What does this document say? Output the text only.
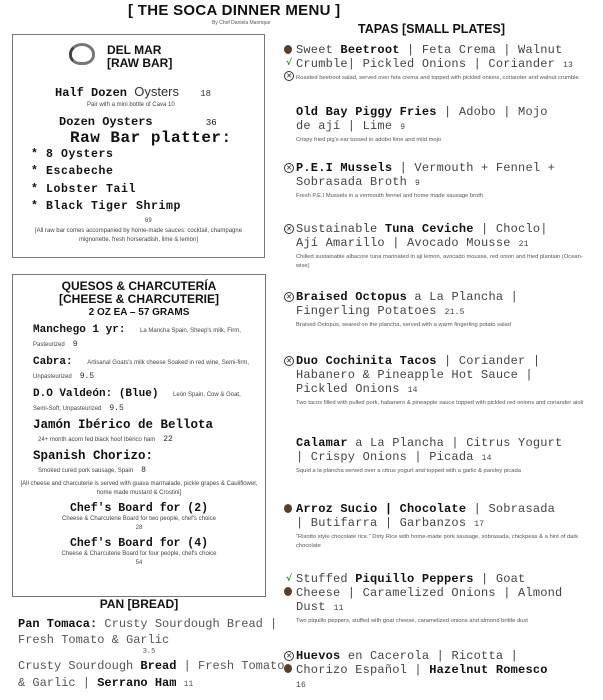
[ THE SOCA DINNER MENU ]
By Chef Daniela Manrique
DEL MAR
[RAW BAR]
Half Dozen Oysters 18
Pair with a mini bottle of Cava 10
Dozen Oysters	36
Raw Bar platter:
* 8 Oysters
* Escabeche
* Lobster Tail
* Black Tiger Shrimp
69
[All raw bar comes accompanied by home-made sauces: cocktail, champagne mignonette, fresh horseradish, lime & lemon]
QUESOS & CHARCUTERÍA
[CHEESE & CHARCUTERIE]
2 OZ EA – 57 GRAMS
Manchego 1 yr: La Mancha Spain, Sheep's milk, Firm, Pasteurized 9
Cabra: Artisanal Goats's milk cheese Soaked in red wine, Semi-firm, Unpasteurized 9.5
D.O Valdeón: (Blue) León Spain, Cow & Goat, Semi-Soft, Unpasteurized 9.5
Jamón Ibérico de Bellota
24+ month acorn fed black hoof Ibérico ham 22
Spanish Chorizo:
Smoked cured pork sausage, Spain 8
[All cheese and charcuterie is served with guava marmalade, pickle grapes & Cauliflower, home made mustard & Crostini]
Chef's Board for (2)
Cheese & Charcuterie Board for two people, chef's choice
28
Chef's Board for (4)
Cheese & Charcuterie Board for four people, chef's choice
54
PAN [BREAD]
Pan Tomaca: Crusty Sourdough Bread | Fresh Tomato & Garlic
3.5
Crusty Sourdough Bread | Fresh Tomato & Garlic | Serrano Ham 11
TAPAS [SMALL PLATES]
Sweet Beetroot | Feta Crema | Walnut
Crumble| Pickled Onions | Coriander 13
Roasted beetroot salad, served over feta crema and topped with pickled onions, coriander and walnut crumble.
√
✕
Old Bay Piggy Fries | Adobo | Mojo
de ají | Lime 9
Crispy fried pig's ear tossed in adobo lime and mild mojo
P.E.I Mussels | Vermouth + Fennel +
Sobrasada Broth 9
Fresh P.E.I Mussels in a vermouth fennel and home made sausage broth
✕
Sustainable Tuna Ceviche | Choclo|
Ají Amarillo | Avocado Mousse 21
Chilled sustainable albacore tuna marinated in aji lemon, avocado mousse, red onion and fried plantain (Ocean-wise)
✕
Braised Octopus a La Plancha |
Fingerling Potatoes 21.5
Braised Octopus, seared on the plancha, served with a warm fingerling potato salad
✕
Duo Cochinita Tacos | Coriander |
Habanero & Pineapple Hot Sauce |
Pickled Onions 14
Two tacos filled with pulled pork, habanero & pineapple sauce topped with pickled red onions and coriander aioli
✕
Calamar a La Plancha | Citrus Yogurt
| Crispy Onions | Picada 14
Squid a la plancha served over a citrus yogurt and topped with a garlic & parsley picada
Arroz Sucio | Chocolate | Sobrasada
| Butifarra | Garbanzos 17
"Risotto style chocolate rice." Dirty Rice with home-made pork sausage, sobrasada, chickpeas & a hint of dark chocolate
Stuffed Piquillo Peppers | Goat
Cheese | Caramelized Onions | Almond
Dust 11
Two piquillo peppers, stuffed with goat cheese, caramelized onions and almond brittle dust
√
Huevos en Cacerola | Ricotta |
Chorizo Español | Hazelnut Romesco
16
✕
